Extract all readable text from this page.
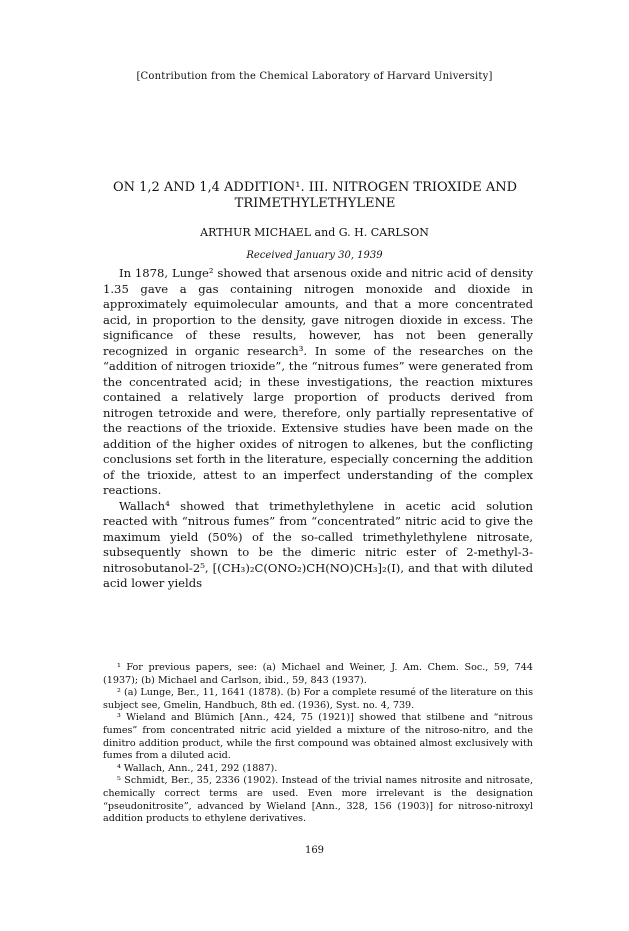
[Contribution from the Chemical Laboratory of Harvard University]
ON 1,2 AND 1,4 ADDITION¹. III. NITROGEN TRIOXIDE AND TRIMETHYLETHYLENE
ARTHUR MICHAEL and G. H. CARLSON
Received January 30, 1939

In 1878, Lunge² showed that arsenous oxide and nitric acid of density 1.35 gave a gas containing nitrogen monoxide and dioxide in approximately equimolecular amounts, and that a more concentrated acid, in proportion to the density, gave nitrogen dioxide in excess. The significance of these results, however, has not been generally recognized in organic research³. In some of the researches on the “addition of nitrogen trioxide”, the “nitrous fumes” were generated from the concentrated acid; in these investigations, the reaction mixtures contained a relatively large proportion of products derived from nitrogen tetroxide and were, therefore, only partially representative of the reactions of the trioxide. Extensive studies have been made on the addition of the higher oxides of nitrogen to alkenes, but the conflicting conclusions set forth in the literature, especially concerning the addition of the trioxide, attest to an imperfect understanding of the complex reactions.

Wallach⁴ showed that trimethylethylene in acetic acid solution reacted with “nitrous fumes” from “concentrated” nitric acid to give the maximum yield (50%) of the so-called trimethylethylene nitrosate, subsequently shown to be the dimeric nitric ester of 2-methyl-3-nitrosobutanol-2⁵, [(CH₃)₂C(ONO₂)CH(NO)CH₃]₂(I), and that with diluted acid lower yields

¹ For previous papers, see: (a) Michael and Weiner, J. Am. Chem. Soc., 59, 744 (1937); (b) Michael and Carlson, ibid., 59, 843 (1937).

² (a) Lunge, Ber., 11, 1641 (1878). (b) For a complete resumé of the literature on this subject see, Gmelin, Handbuch, 8th ed. (1936), Syst. no. 4, 739.

³ Wieland and Blümich [Ann., 424, 75 (1921)] showed that stilbene and “nitrous fumes” from concentrated nitric acid yielded a mixture of the nitroso-nitro, and the dinitro addition product, while the first compound was obtained almost exclusively with fumes from a diluted acid.

⁴ Wallach, Ann., 241, 292 (1887).

⁵ Schmidt, Ber., 35, 2336 (1902). Instead of the trivial names nitrosite and nitrosate, chemically correct terms are used. Even more irrelevant is the designation “pseudonitrosite”, advanced by Wieland [Ann., 328, 156 (1903)] for nitroso-nitroxyl addition products to ethylene derivatives.

169
